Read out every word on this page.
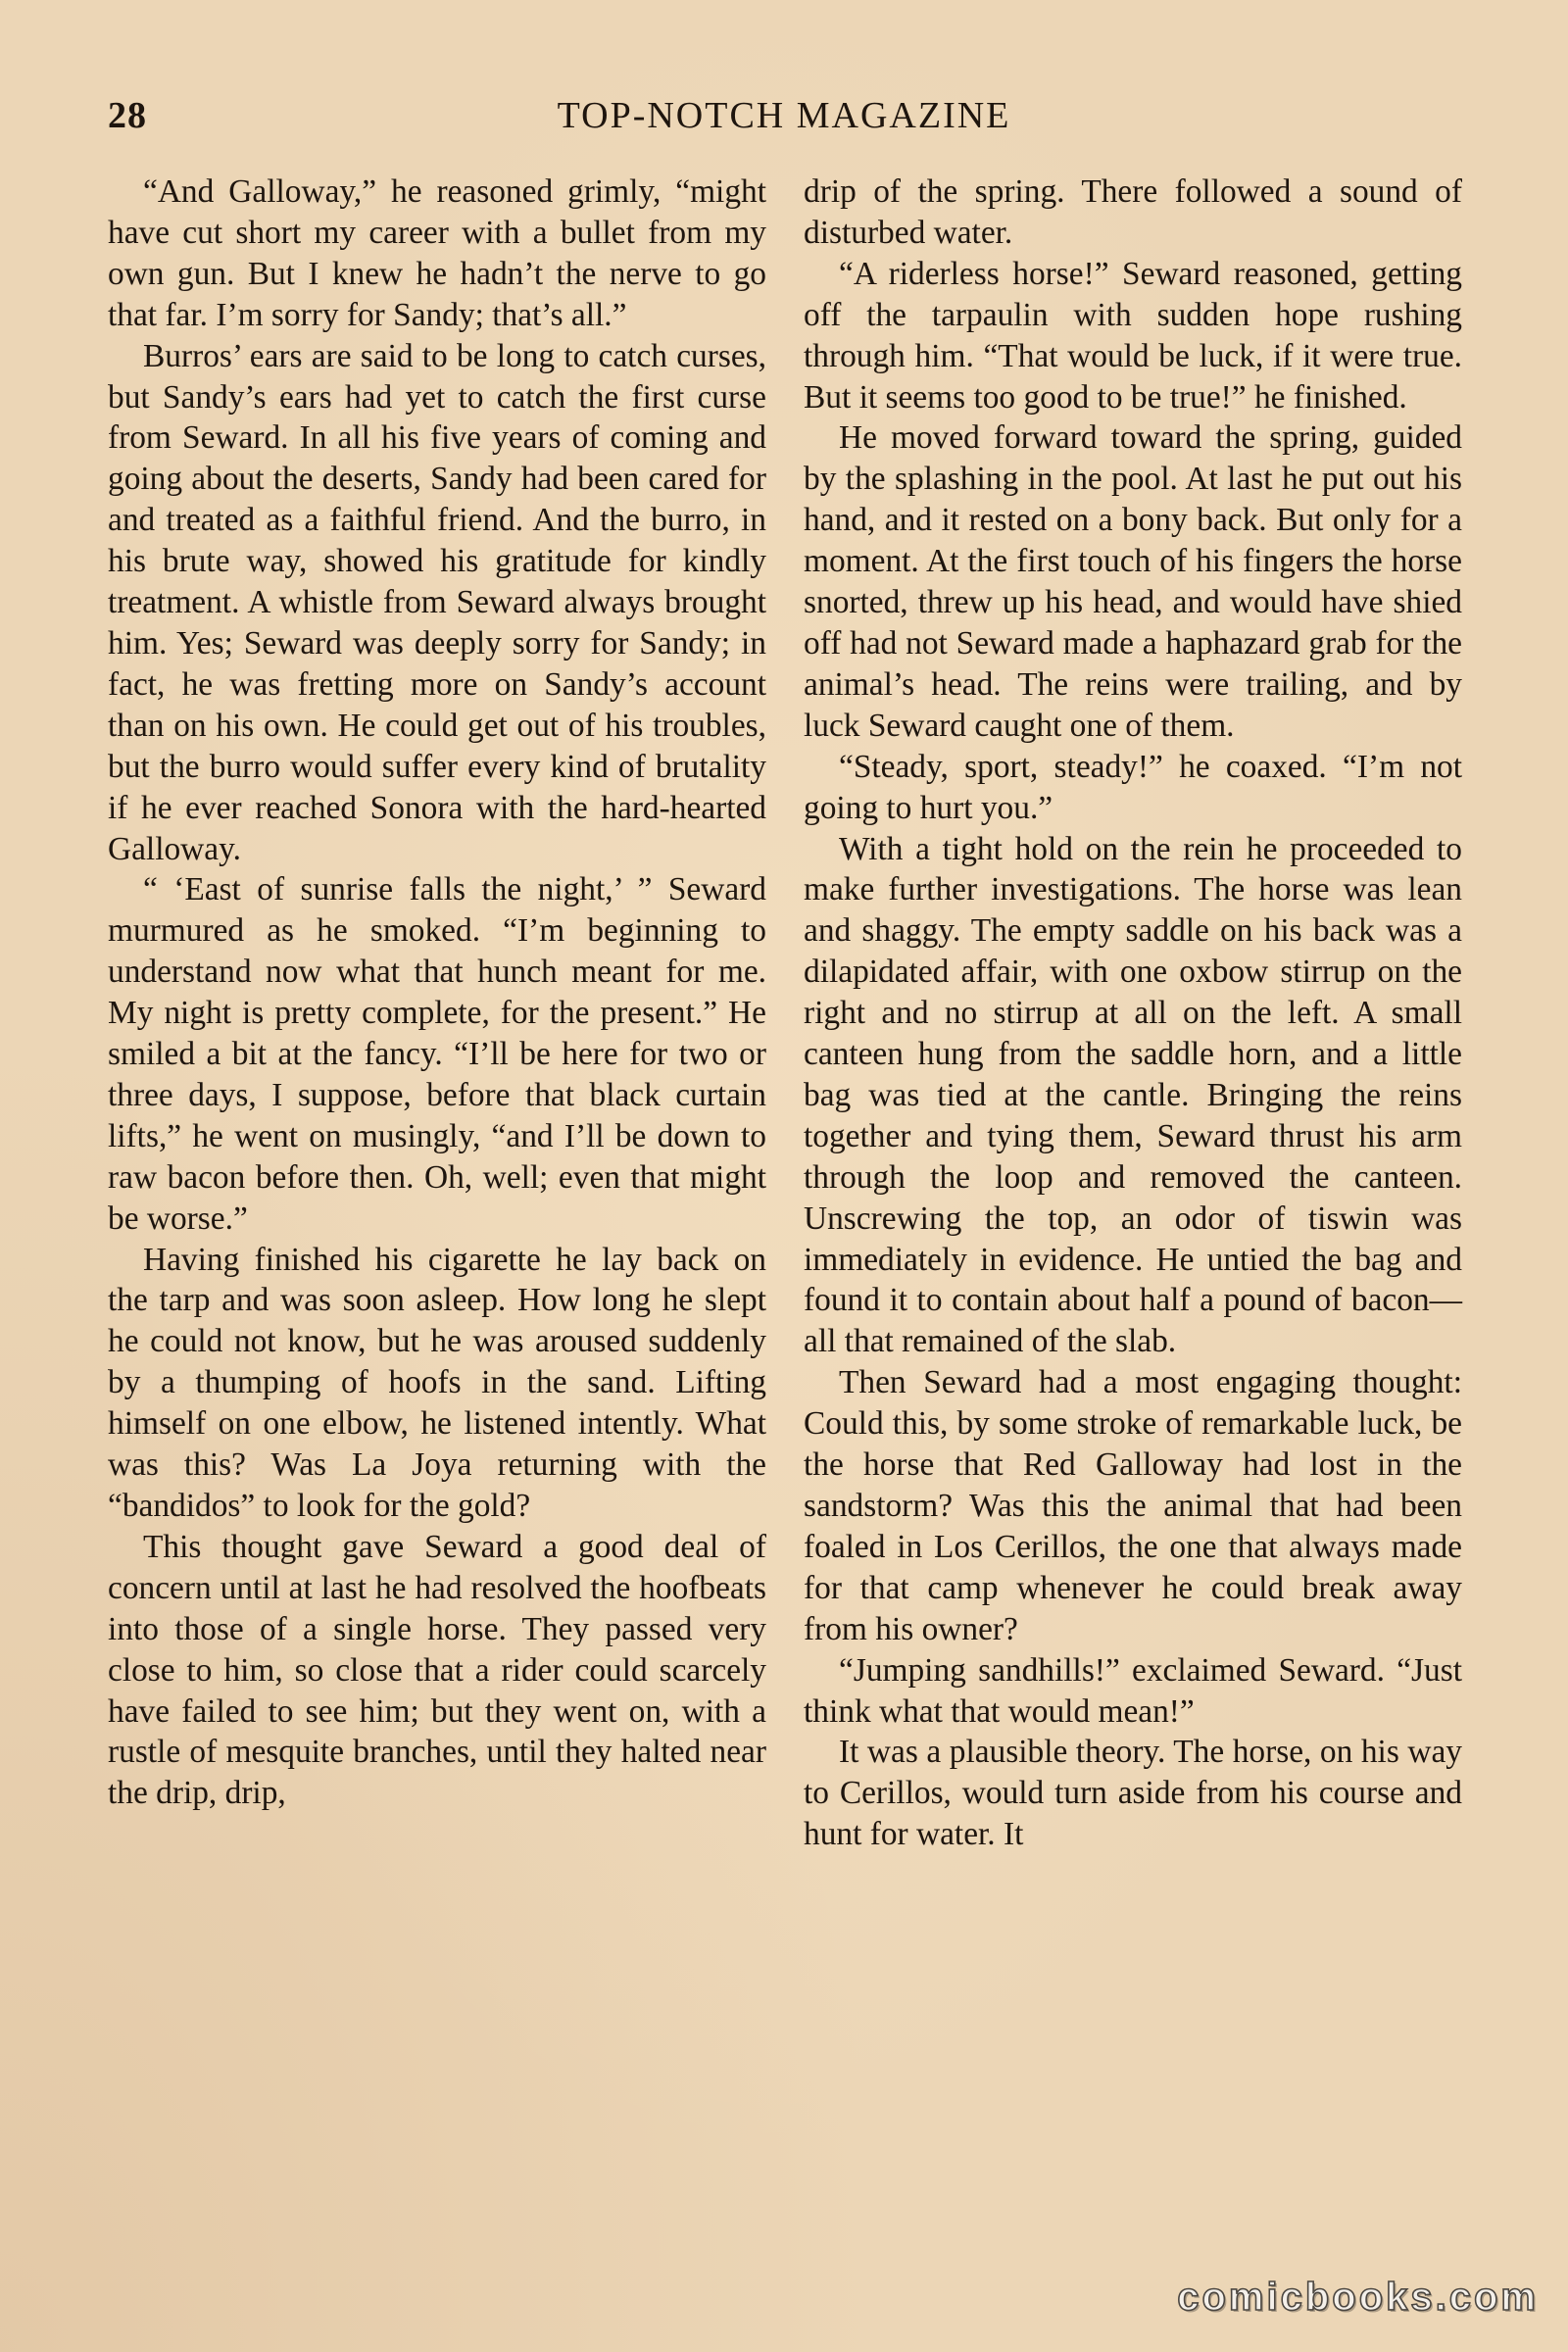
28	TOP-NOTCH MAGAZINE

“And Galloway,” he reasoned grimly, “might have cut short my career with a bullet from my own gun. But I knew he hadn’t the nerve to go that far. I’m sorry for Sandy; that’s all.”

Burros’ ears are said to be long to catch curses, but Sandy’s ears had yet to catch the first curse from Seward. In all his five years of coming and going about the deserts, Sandy had been cared for and treated as a faithful friend. And the burro, in his brute way, showed his gratitude for kindly treatment. A whistle from Seward always brought him. Yes; Seward was deeply sorry for Sandy; in fact, he was fretting more on Sandy’s account than on his own. He could get out of his troubles, but the burro would suffer every kind of brutality if he ever reached Sonora with the hard-hearted Galloway.

“ ‘East of sunrise falls the night,’ ” Seward murmured as he smoked. “I’m beginning to understand now what that hunch meant for me. My night is pretty complete, for the present.” He smiled a bit at the fancy. “I’ll be here for two or three days, I suppose, before that black curtain lifts,” he went on musingly, “and I’ll be down to raw bacon before then. Oh, well; even that might be worse.”

Having finished his cigarette he lay back on the tarp and was soon asleep. How long he slept he could not know, but he was aroused suddenly by a thumping of hoofs in the sand. Lifting himself on one elbow, he listened intently. What was this? Was La Joya returning with the “bandidos” to look for the gold?

This thought gave Seward a good deal of concern until at last he had resolved the hoofbeats into those of a single horse. They passed very close to him, so close that a rider could scarcely have failed to see him; but they went on, with a rustle of mesquite branches, until they halted near the drip, drip,

drip of the spring. There followed a sound of disturbed water.

“A riderless horse!” Seward reasoned, getting off the tarpaulin with sudden hope rushing through him. “That would be luck, if it were true. But it seems too good to be true!” he finished.

He moved forward toward the spring, guided by the splashing in the pool. At last he put out his hand, and it rested on a bony back. But only for a moment. At the first touch of his fingers the horse snorted, threw up his head, and would have shied off had not Seward made a haphazard grab for the animal’s head. The reins were trailing, and by luck Seward caught one of them.

“Steady, sport, steady!” he coaxed. “I’m not going to hurt you.”

With a tight hold on the rein he proceeded to make further investigations. The horse was lean and shaggy. The empty saddle on his back was a dilapidated affair, with one oxbow stirrup on the right and no stirrup at all on the left. A small canteen hung from the saddle horn, and a little bag was tied at the cantle. Bringing the reins together and tying them, Seward thrust his arm through the loop and removed the canteen. Unscrewing the top, an odor of tiswin was immediately in evidence. He untied the bag and found it to contain about half a pound of bacon—all that remained of the slab.

Then Seward had a most engaging thought: Could this, by some stroke of remarkable luck, be the horse that Red Galloway had lost in the sandstorm? Was this the animal that had been foaled in Los Cerillos, the one that always made for that camp whenever he could break away from his owner?

“Jumping sandhills!” exclaimed Seward. “Just think what that would mean!”

It was a plausible theory. The horse, on his way to Cerillos, would turn aside from his course and hunt for water. It

comicbooks.com
